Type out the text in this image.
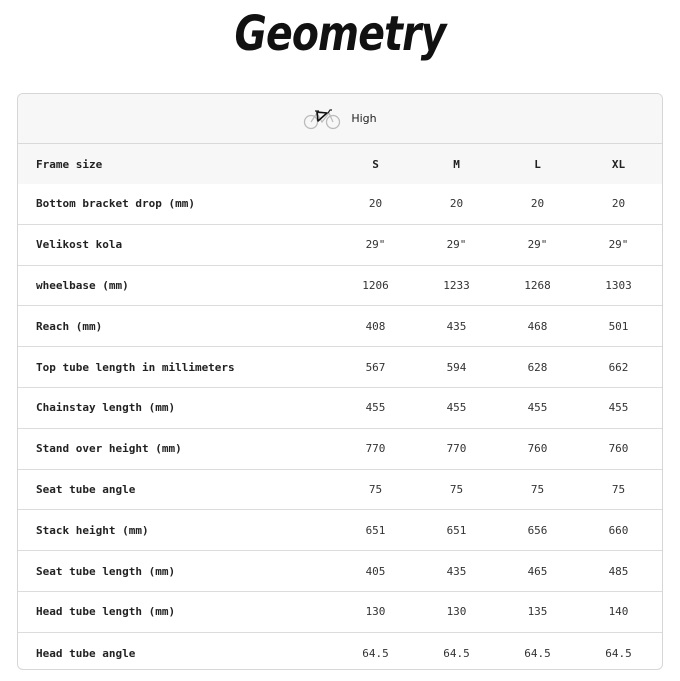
Geometry
High
Frame size	S	M	L	XL
Bottom bracket drop (mm)	20	20	20	20
Velikost kola	29"	29"	29"	29"
wheelbase (mm)	1206	1233	1268	1303
Reach (mm)	408	435	468	501
Top tube length in millimeters	567	594	628	662
Chainstay length (mm)	455	455	455	455
Stand over height (mm)	770	770	760	760
Seat tube angle	75	75	75	75
Stack height (mm)	651	651	656	660
Seat tube length (mm)	405	435	465	485
Head tube length (mm)	130	130	135	140
Head tube angle	64.5	64.5	64.5	64.5
